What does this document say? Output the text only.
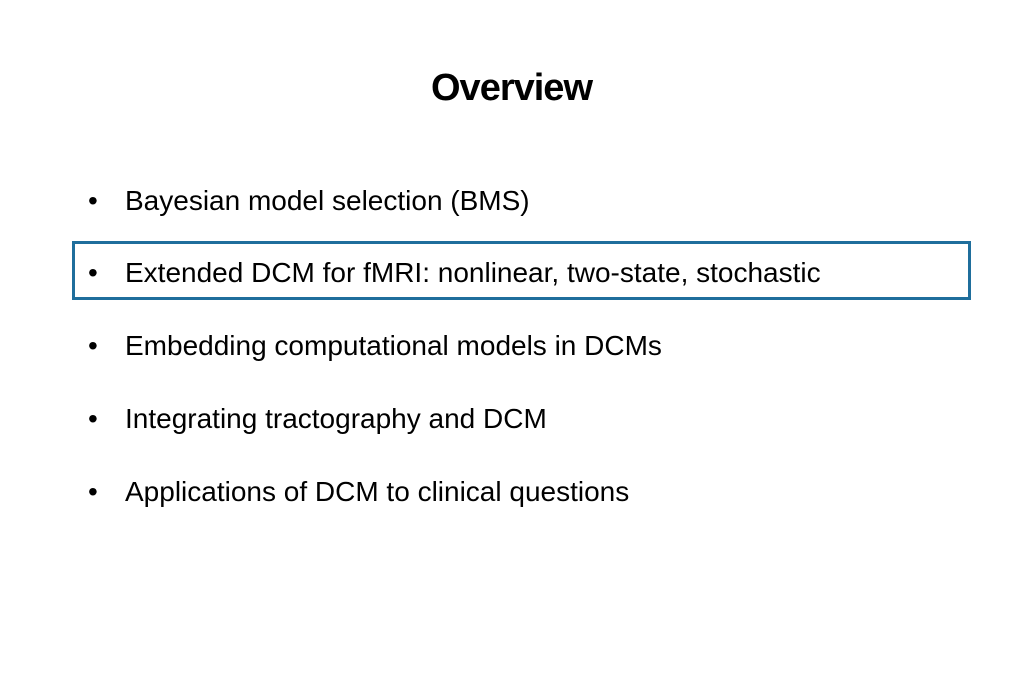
Overview
• Bayesian model selection (BMS)
• Extended DCM for fMRI: nonlinear, two-state, stochastic
• Embedding computational models in DCMs
• Integrating tractography and DCM
• Applications of DCM to clinical questions
